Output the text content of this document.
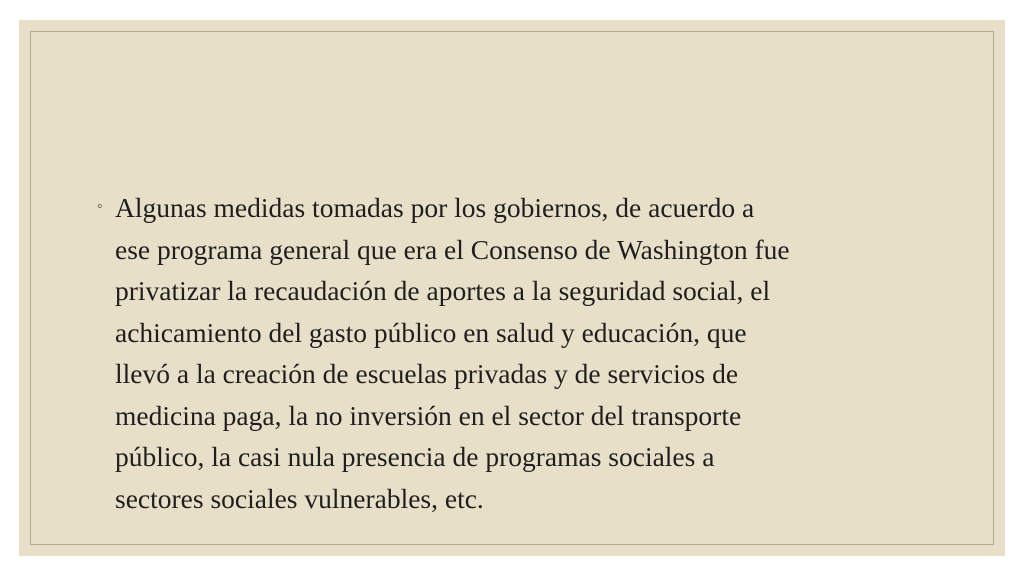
◦ Algunas medidas tomadas por los gobiernos, de acuerdo a
ese programa general que era el Consenso de Washington fue
privatizar la recaudación de aportes a la seguridad social, el
achicamiento del gasto público en salud y educación, que
llevó a la creación de escuelas privadas y de servicios de
medicina paga, la no inversión en el sector del transporte
público, la casi nula presencia de programas sociales a
sectores sociales vulnerables, etc.
